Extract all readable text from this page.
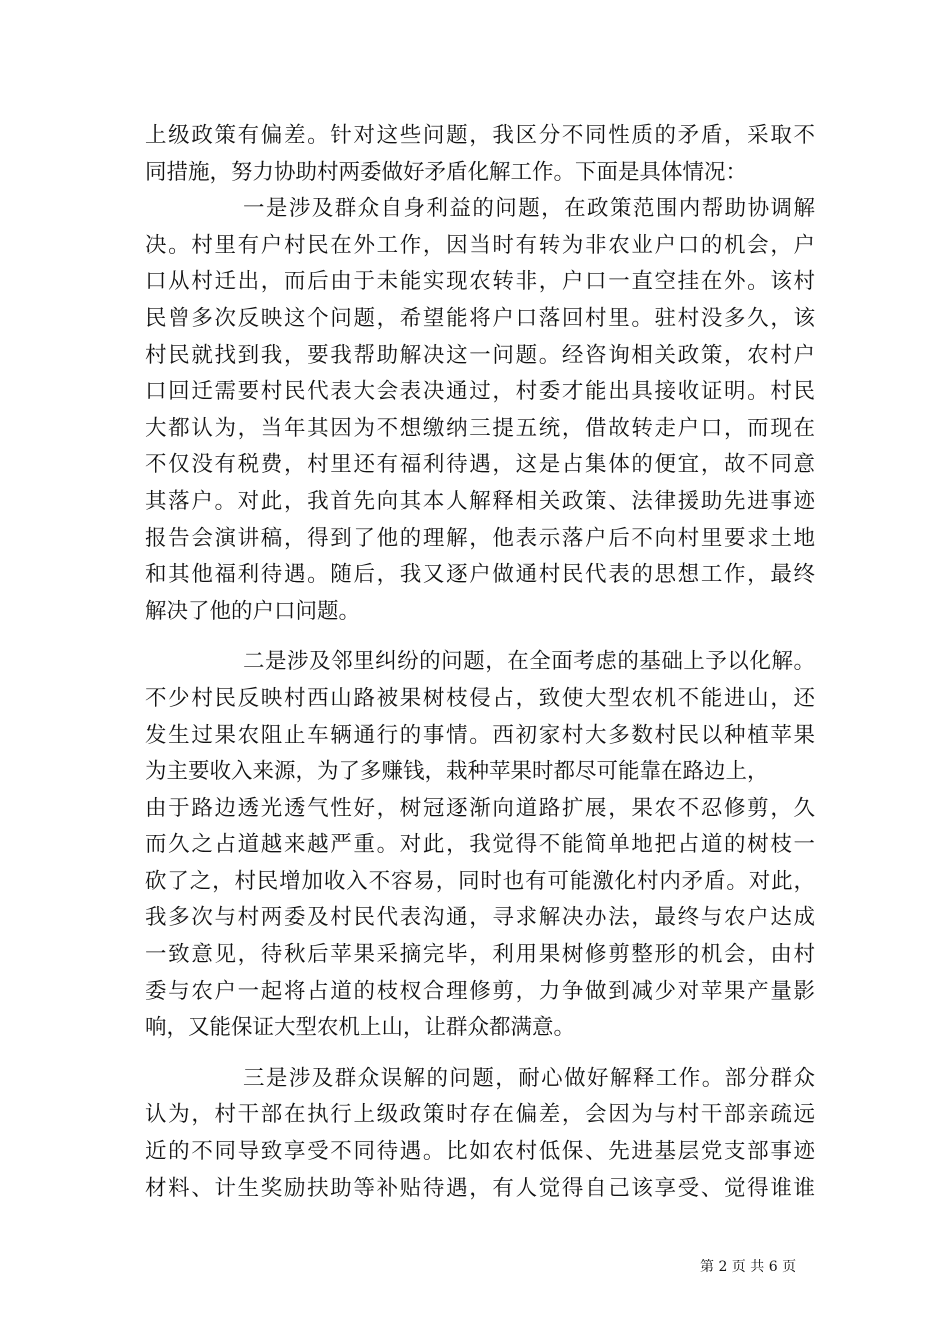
上级政策有偏差。针对这些问题，我区分不同性质的矛盾，采取不
同措施，努力协助村两委做好矛盾化解工作。下面是具体情况：
一是涉及群众自身利益的问题，在政策范围内帮助协调解
决。村里有户村民在外工作，因当时有转为非农业户口的机会，户
口从村迁出，而后由于未能实现农转非，户口一直空挂在外。该村
民曾多次反映这个问题，希望能将户口落回村里。驻村没多久，该
村民就找到我，要我帮助解决这一问题。经咨询相关政策，农村户
口回迁需要村民代表大会表决通过，村委才能出具接收证明。村民
大都认为，当年其因为不想缴纳三提五统，借故转走户口，而现在
不仅没有税费，村里还有福利待遇，这是占集体的便宜，故不同意
其落户。对此，我首先向其本人解释相关政策、法律援助先进事迹
报告会演讲稿，得到了他的理解，他表示落户后不向村里要求土地
和其他福利待遇。随后，我又逐户做通村民代表的思想工作，最终
解决了他的户口问题。
二是涉及邻里纠纷的问题，在全面考虑的基础上予以化解。
不少村民反映村西山路被果树枝侵占，致使大型农机不能进山，还
发生过果农阻止车辆通行的事情。西初家村大多数村民以种植苹果
为主要收入来源，为了多赚钱，栽种苹果时都尽可能靠在路边上，
由于路边透光透气性好，树冠逐渐向道路扩展，果农不忍修剪，久
而久之占道越来越严重。对此，我觉得不能简单地把占道的树枝一
砍了之，村民增加收入不容易，同时也有可能激化村内矛盾。对此，
我多次与村两委及村民代表沟通，寻求解决办法，最终与农户达成
一致意见，待秋后苹果采摘完毕，利用果树修剪整形的机会，由村
委与农户一起将占道的枝杈合理修剪，力争做到减少对苹果产量影
响，又能保证大型农机上山，让群众都满意。
三是涉及群众误解的问题，耐心做好解释工作。部分群众
认为，村干部在执行上级政策时存在偏差，会因为与村干部亲疏远
近的不同导致享受不同待遇。比如农村低保、先进基层党支部事迹
材料、计生奖励扶助等补贴待遇，有人觉得自己该享受、觉得谁谁
第 2 页 共 6 页
